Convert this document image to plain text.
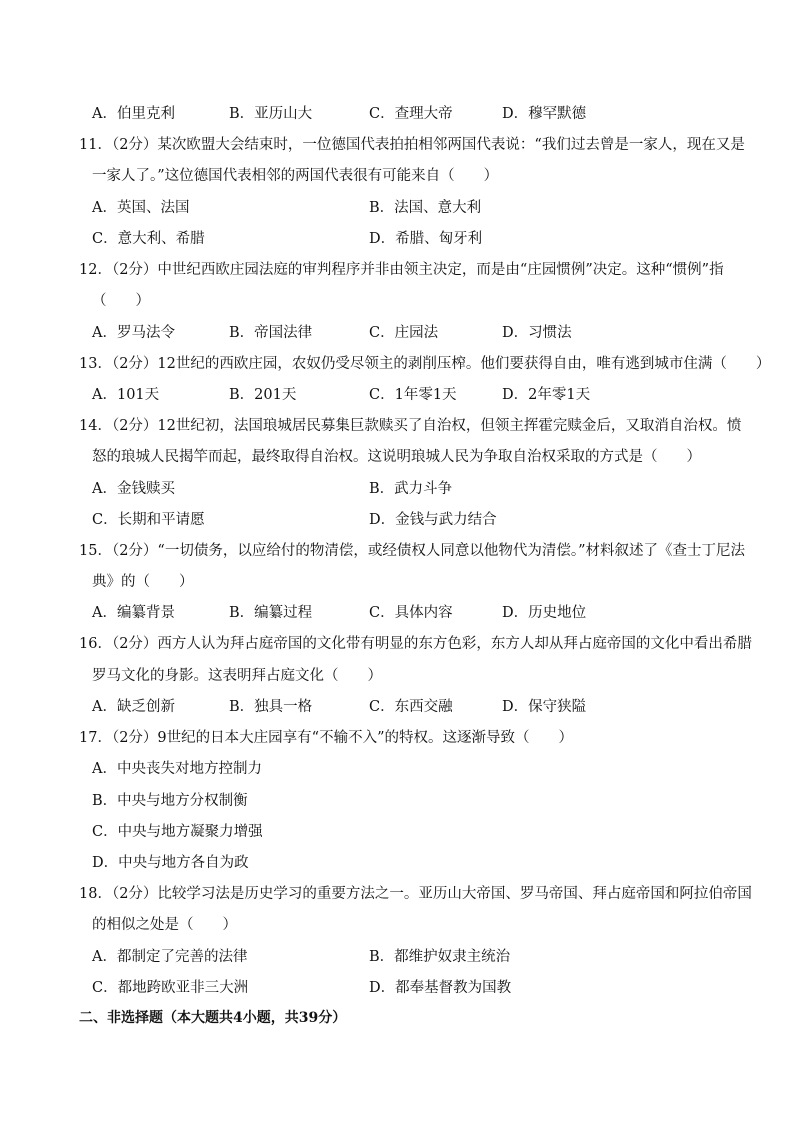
A．伯里克利	B．亚历山大	C．查理大帝	D．穆罕默德
11．（2分）某次欧盟大会结束时，一位德国代表拍拍相邻两国代表说：“我们过去曾是一家人，现在又是
一家人了。”这位德国代表相邻的两国代表很有可能来自（　　）
A．英国、法国	B．法国、意大利
C．意大利、希腊	D．希腊、匈牙利
12．（2分）中世纪西欧庄园法庭的审判程序并非由领主决定，而是由“庄园惯例”决定。这种“惯例”指
（　　）
A．罗马法令	B．帝国法律	C．庄园法	D．习惯法
13．（2分）12世纪的西欧庄园，农奴仍受尽领主的剥削压榨。他们要获得自由，唯有逃到城市住满（　　）
A．101天	B．201天	C．1年零1天	D．2年零1天
14．（2分）12世纪初，法国琅城居民募集巨款赎买了自治权，但领主挥霍完赎金后，又取消自治权。愤
怒的琅城人民揭竿而起，最终取得自治权。这说明琅城人民为争取自治权采取的方式是（　　）
A．金钱赎买	B．武力斗争
C．长期和平请愿	D．金钱与武力结合
15．（2分）“一切债务，以应给付的物清偿，或经债权人同意以他物代为清偿。”材料叙述了《查士丁尼法
典》的（　　）
A．编纂背景	B．编纂过程	C．具体内容	D．历史地位
16．（2分）西方人认为拜占庭帝国的文化带有明显的东方色彩，东方人却从拜占庭帝国的文化中看出希腊
罗马文化的身影。这表明拜占庭文化（　　）
A．缺乏创新	B．独具一格	C．东西交融	D．保守狭隘
17．（2分）9世纪的日本大庄园享有“不输不入”的特权。这逐渐导致（　　）
A．中央丧失对地方控制力
B．中央与地方分权制衡
C．中央与地方凝聚力增强
D．中央与地方各自为政
18．（2分）比较学习法是历史学习的重要方法之一。亚历山大帝国、罗马帝国、拜占庭帝国和阿拉伯帝国
的相似之处是（　　）
A．都制定了完善的法律	B．都维护奴隶主统治
C．都地跨欧亚非三大洲	D．都奉基督教为国教
二、非选择题（本大题共4小题，共39分）
